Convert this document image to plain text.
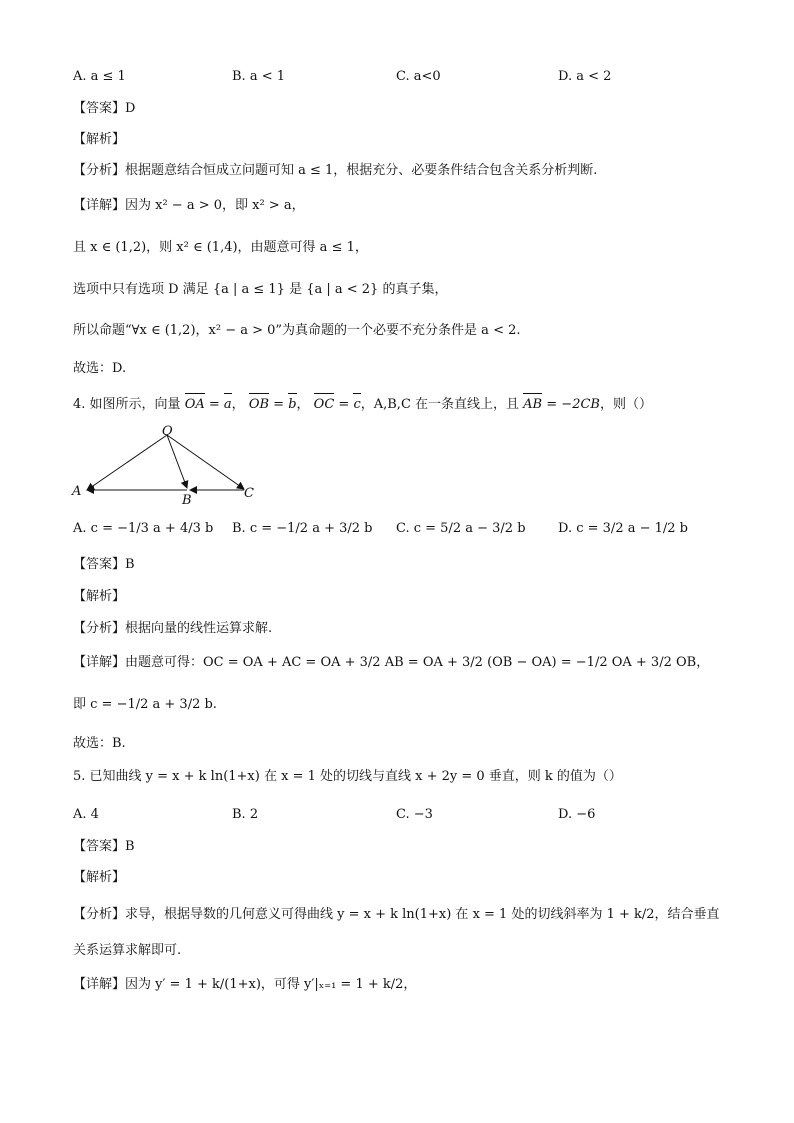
A. a ≤ 1	B. a < 1	C. a<0	D. a < 2
【答案】D
【解析】
【分析】根据题意结合恒成立问题可知 a ≤ 1，根据充分、必要条件结合包含关系分析判断.
【详解】因为 x² − a > 0，即 x² > a，
且 x ∈ (1,2)，则 x² ∈ (1,4)，由题意可得 a ≤ 1，
选项中只有选项 D 满足 {a | a ≤ 1} 是 {a | a < 2} 的真子集，
所以命题“∀x ∈ (1,2)，x² − a > 0”为真命题的一个必要不充分条件是 a < 2.
故选：D.
4. 如图所示，向量 OA = a， OB = b， OC = c，A,B,C 在一条直线上，且 AB = −2CB，则（）
O
A
B	C
A. c = −1/3 a + 4/3 b B. c = −1/2 a + 3/2 b C. c = 5/2 a − 3/2 b D. c = 3/2 a − 1/2 b
【答案】B
【解析】
【分析】根据向量的线性运算求解.
【详解】由题意可得：OC = OA + AC = OA + 3/2 AB = OA + 3/2 (OB − OA) = −1/2 OA + 3/2 OB，
即 c = −1/2 a + 3/2 b.
故选：B.
5. 已知曲线 y = x + k ln(1+x) 在 x = 1 处的切线与直线 x + 2y = 0 垂直，则 k 的值为（）
A. 4	B. 2	C. −3	D. −6
【答案】B
【解析】
【分析】求导，根据导数的几何意义可得曲线 y = x + k ln(1+x) 在 x = 1 处的切线斜率为 1 + k/2，结合垂直
关系运算求解即可.
【详解】因为 y′ = 1 + k/(1+x)，可得 y′|ₓ₌₁ = 1 + k/2，
